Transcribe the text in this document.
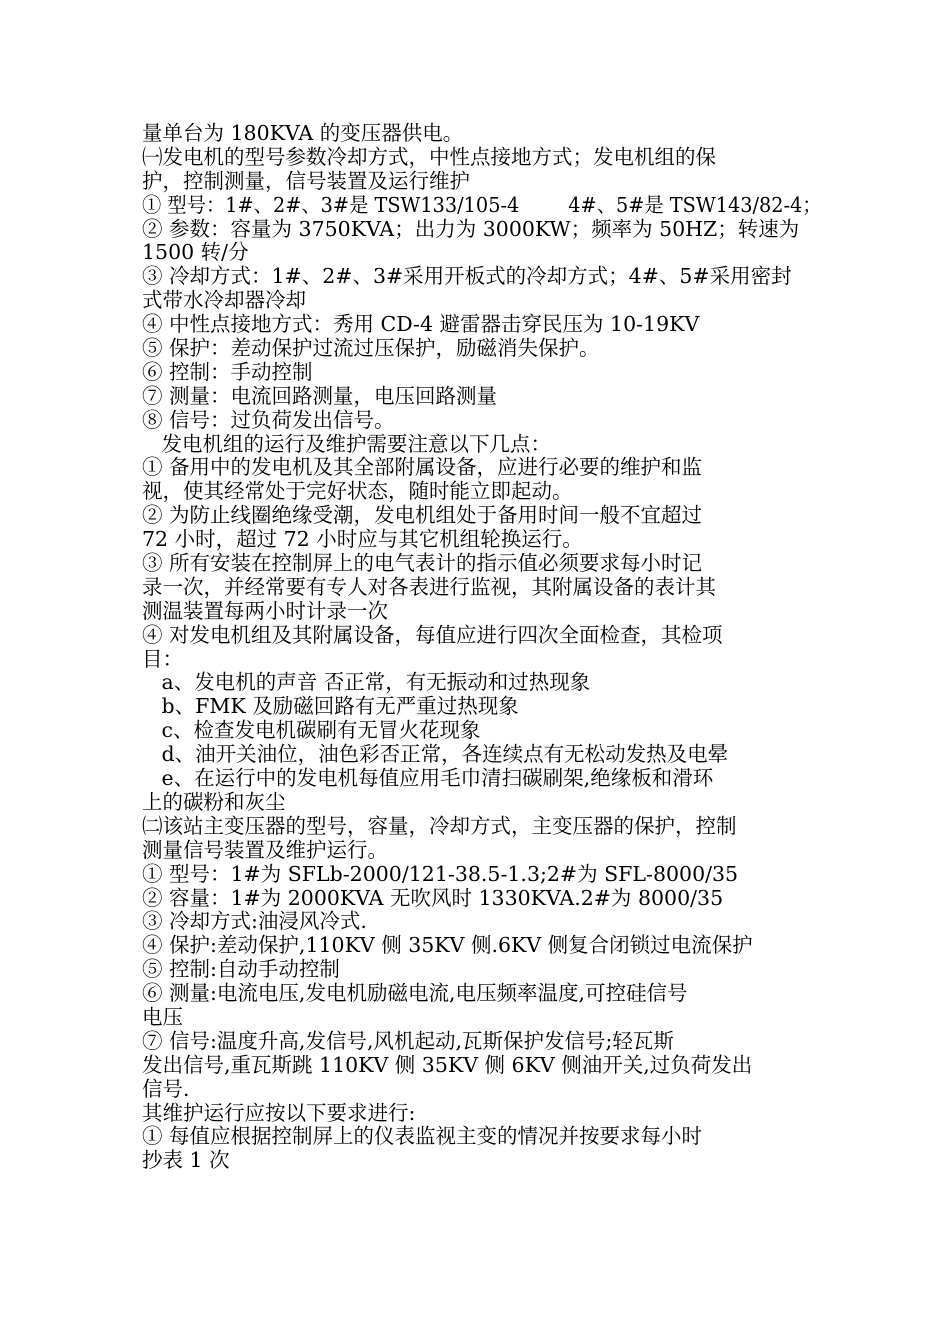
量单台为 180KVA 的变压器供电。
㈠发电机的型号参数冷却方式，中性点接地方式；发电机组的保
护，控制测量，信号装置及运行维护
① 型号：1#、2#、3#是 TSW133/105-4        4#、5#是 TSW143/82-4；
② 参数：容量为 3750KVA；出力为 3000KW；频率为 50HZ；转速为
1500 转/分
③ 冷却方式：1#、2#、3#采用开板式的冷却方式；4#、5#采用密封
式带水冷却器冷却
④ 中性点接地方式：秀用 CD-4 避雷器击穿民压为 10-19KV
⑤ 保护：差动保护过流过压保护，励磁消失保护。
⑥ 控制：手动控制
⑦ 测量：电流回路测量，电压回路测量
⑧ 信号：过负荷发出信号。
发电机组的运行及维护需要注意以下几点：
① 备用中的发电机及其全部附属设备，应进行必要的维护和监
视，使其经常处于完好状态，随时能立即起动。
② 为防止线圈绝缘受潮，发电机组处于备用时间一般不宜超过
72 小时，超过 72 小时应与其它机组轮换运行。
③ 所有安装在控制屏上的电气表计的指示值必须要求每小时记
录一次，并经常要有专人对各表进行监视，其附属设备的表计其
测温装置每两小时计录一次
④ 对发电机组及其附属设备，每值应进行四次全面检查，其检项
目：
a、发电机的声音 否正常，有无振动和过热现象
b、FMK 及励磁回路有无严重过热现象
c、检查发电机碳刷有无冒火花现象
d、油开关油位，油色彩否正常，各连续点有无松动发热及电晕
e、在运行中的发电机每值应用毛巾清扫碳刷架,绝缘板和滑环
上的碳粉和灰尘
㈡该站主变压器的型号，容量，冷却方式，主变压器的保护，控制
测量信号装置及维护运行。
① 型号：1#为 SFLb-2000/121-38.5-1.3;2#为 SFL-8000/35
② 容量：1#为 2000KVA 无吹风时 1330KVA.2#为 8000/35
③ 冷却方式:油浸风冷式.
④ 保护:差动保护,110KV 侧 35KV 侧.6KV 侧复合闭锁过电流保护
⑤ 控制:自动手动控制
⑥ 测量:电流电压,发电机励磁电流,电压频率温度,可控硅信号
电压
⑦ 信号:温度升高,发信号,风机起动,瓦斯保护发信号;轻瓦斯
发出信号,重瓦斯跳 110KV 侧 35KV 侧 6KV 侧油开关,过负荷发出
信号.
其维护运行应按以下要求进行:
① 每值应根据控制屏上的仪表监视主变的情况并按要求每小时
抄表 1 次
